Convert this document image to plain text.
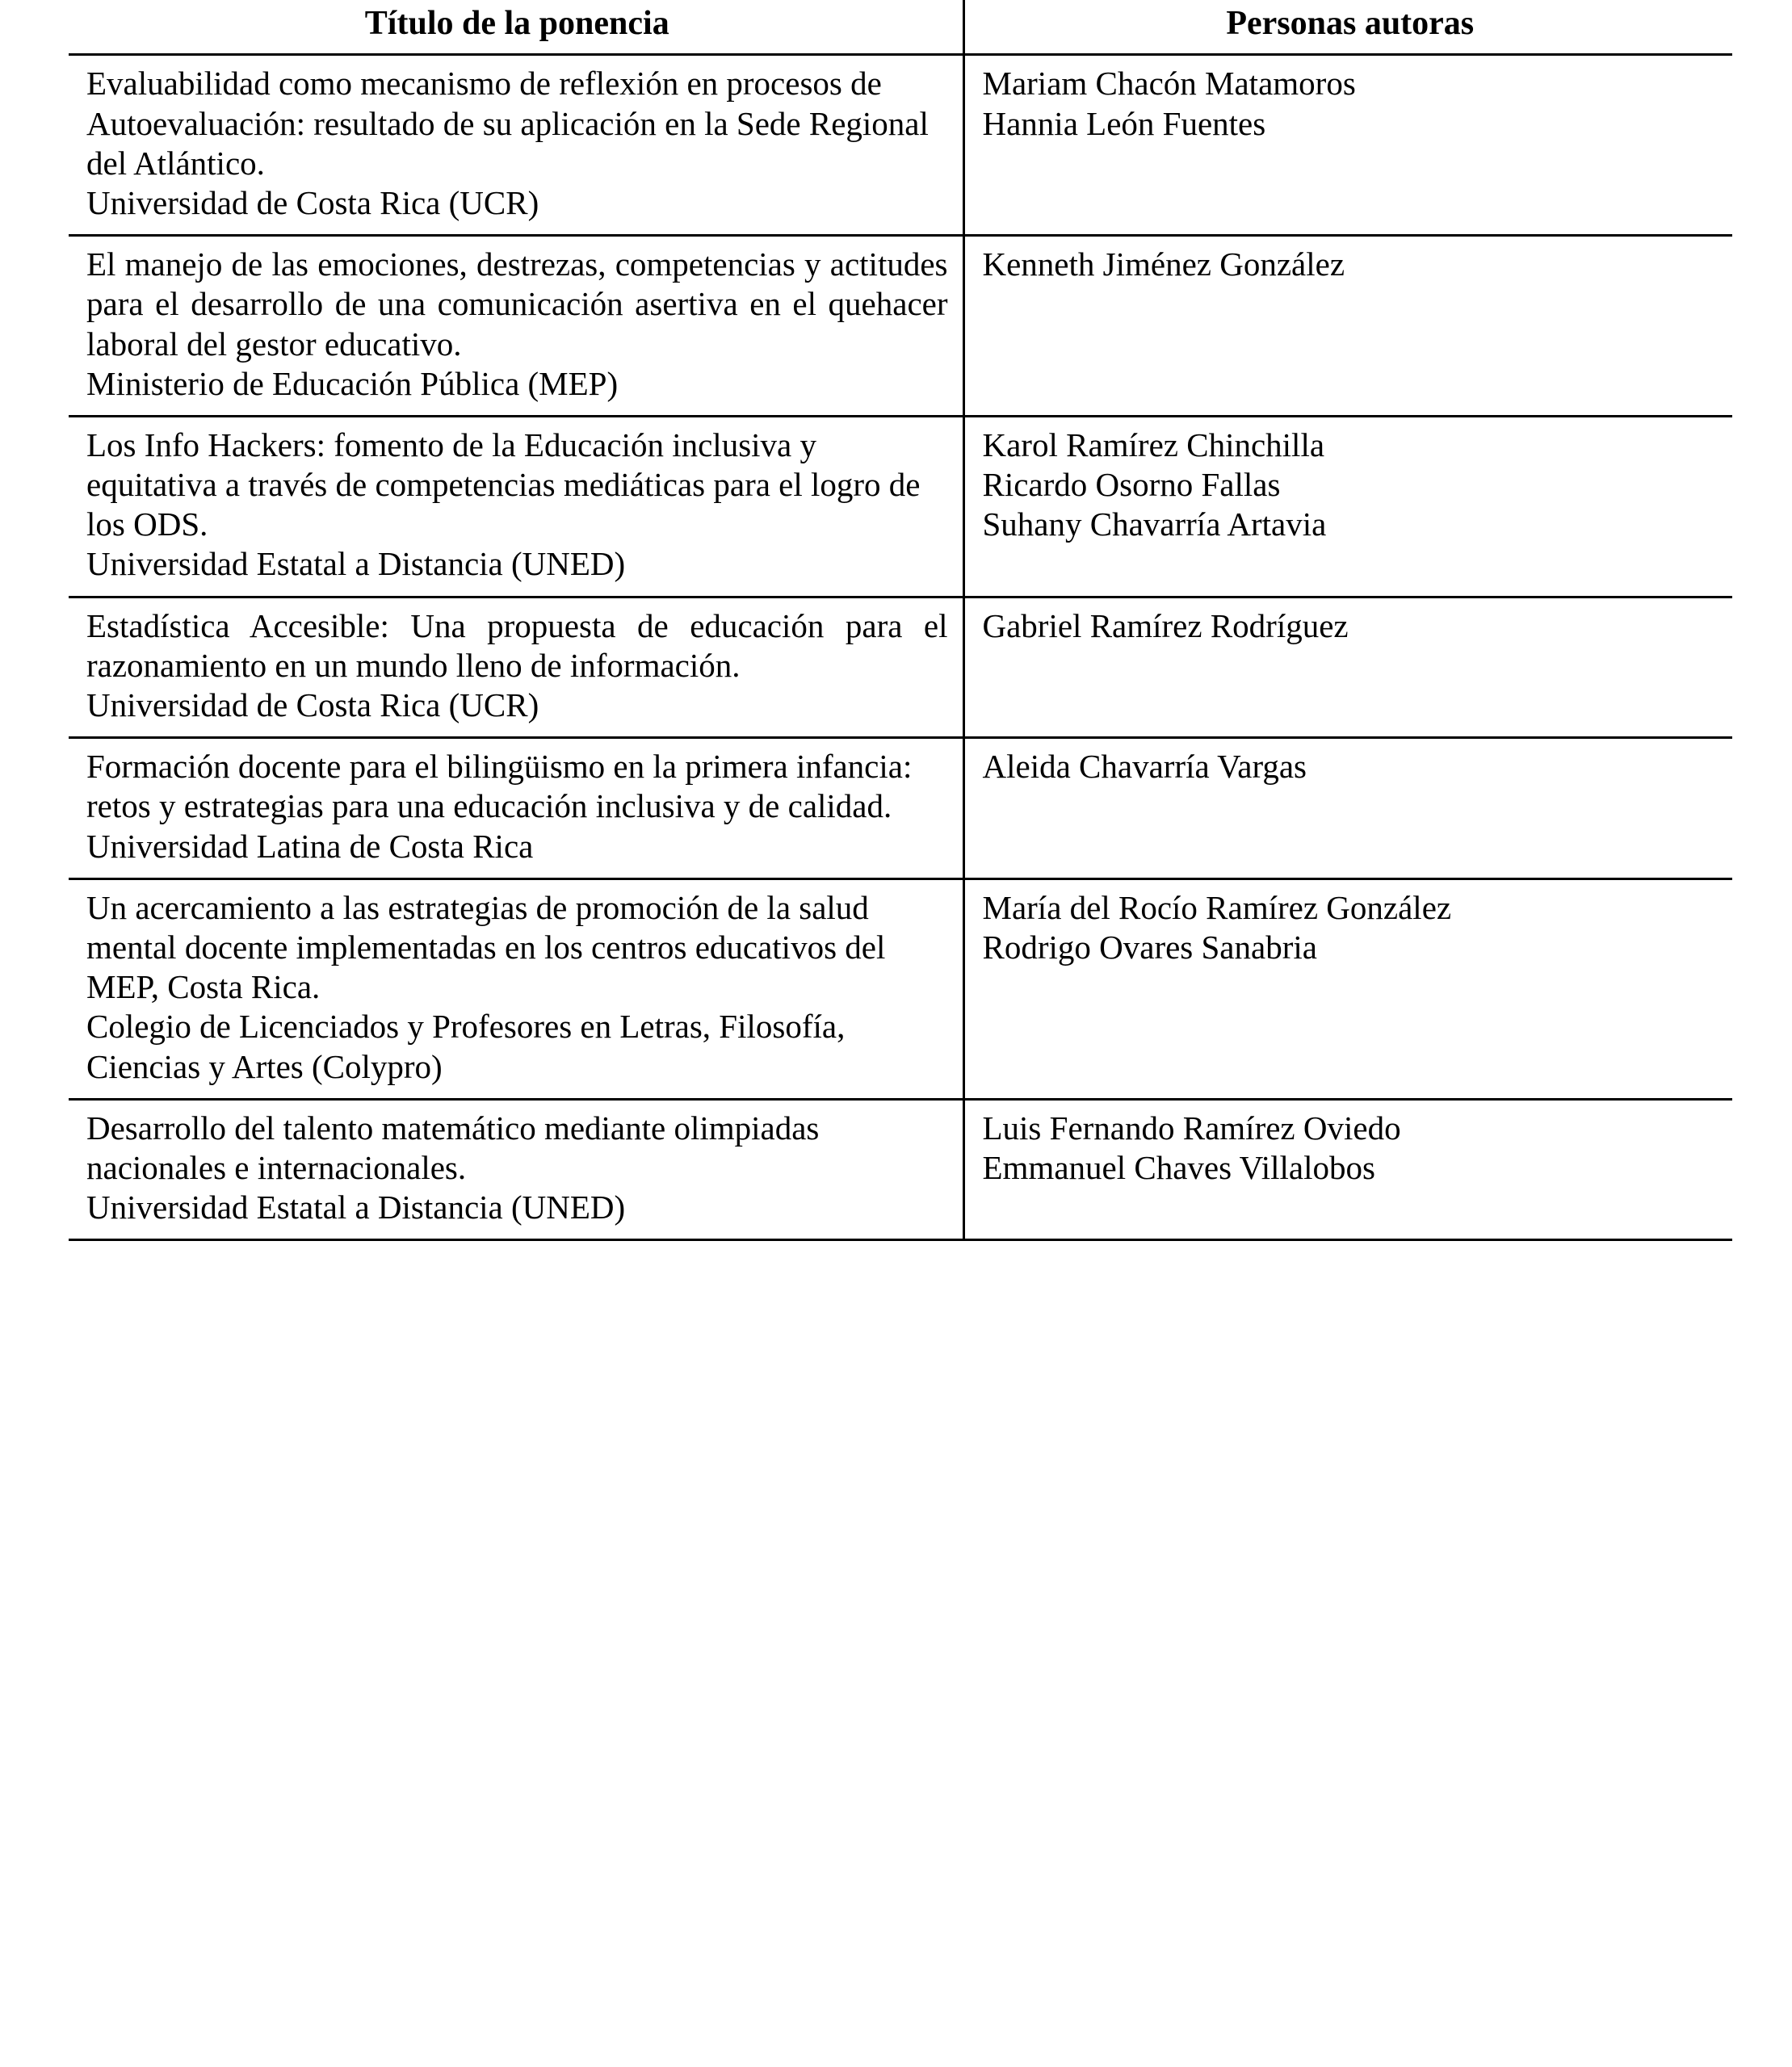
Título de la ponencia	Personas autoras

Evaluabilidad como mecanismo de reflexión en procesos de Autoevaluación: resultado de su aplicación en la Sede Regional del Atlántico.
Universidad de Costa Rica (UCR)	Mariam Chacón Matamoros
Hannia León Fuentes

El manejo de las emociones, destrezas, competencias y actitudes para el desarrollo de una comunicación asertiva en el quehacer laboral del gestor educativo.
Ministerio de Educación Pública (MEP)	Kenneth Jiménez González

Los Info Hackers: fomento de la Educación inclusiva y equitativa a través de competencias mediáticas para el logro de los ODS.
Universidad Estatal a Distancia (UNED)	Karol Ramírez Chinchilla
Ricardo Osorno Fallas
Suhany Chavarría Artavia

Estadística Accesible: Una propuesta de educación para el razonamiento en un mundo lleno de información.
Universidad de Costa Rica (UCR)	Gabriel Ramírez Rodríguez

Formación docente para el bilingüismo en la primera infancia: retos y estrategias para una educación inclusiva y de calidad.
Universidad Latina de Costa Rica	Aleida Chavarría Vargas

Un acercamiento a las estrategias de promoción de la salud mental docente implementadas en los centros educativos del MEP, Costa Rica.
Colegio de Licenciados y Profesores en Letras, Filosofía, Ciencias y Artes (Colypro)	María del Rocío Ramírez González
Rodrigo Ovares Sanabria

Desarrollo del talento matemático mediante olimpiadas nacionales e internacionales.
Universidad Estatal a Distancia (UNED)	Luis Fernando Ramírez Oviedo
Emmanuel Chaves Villalobos
